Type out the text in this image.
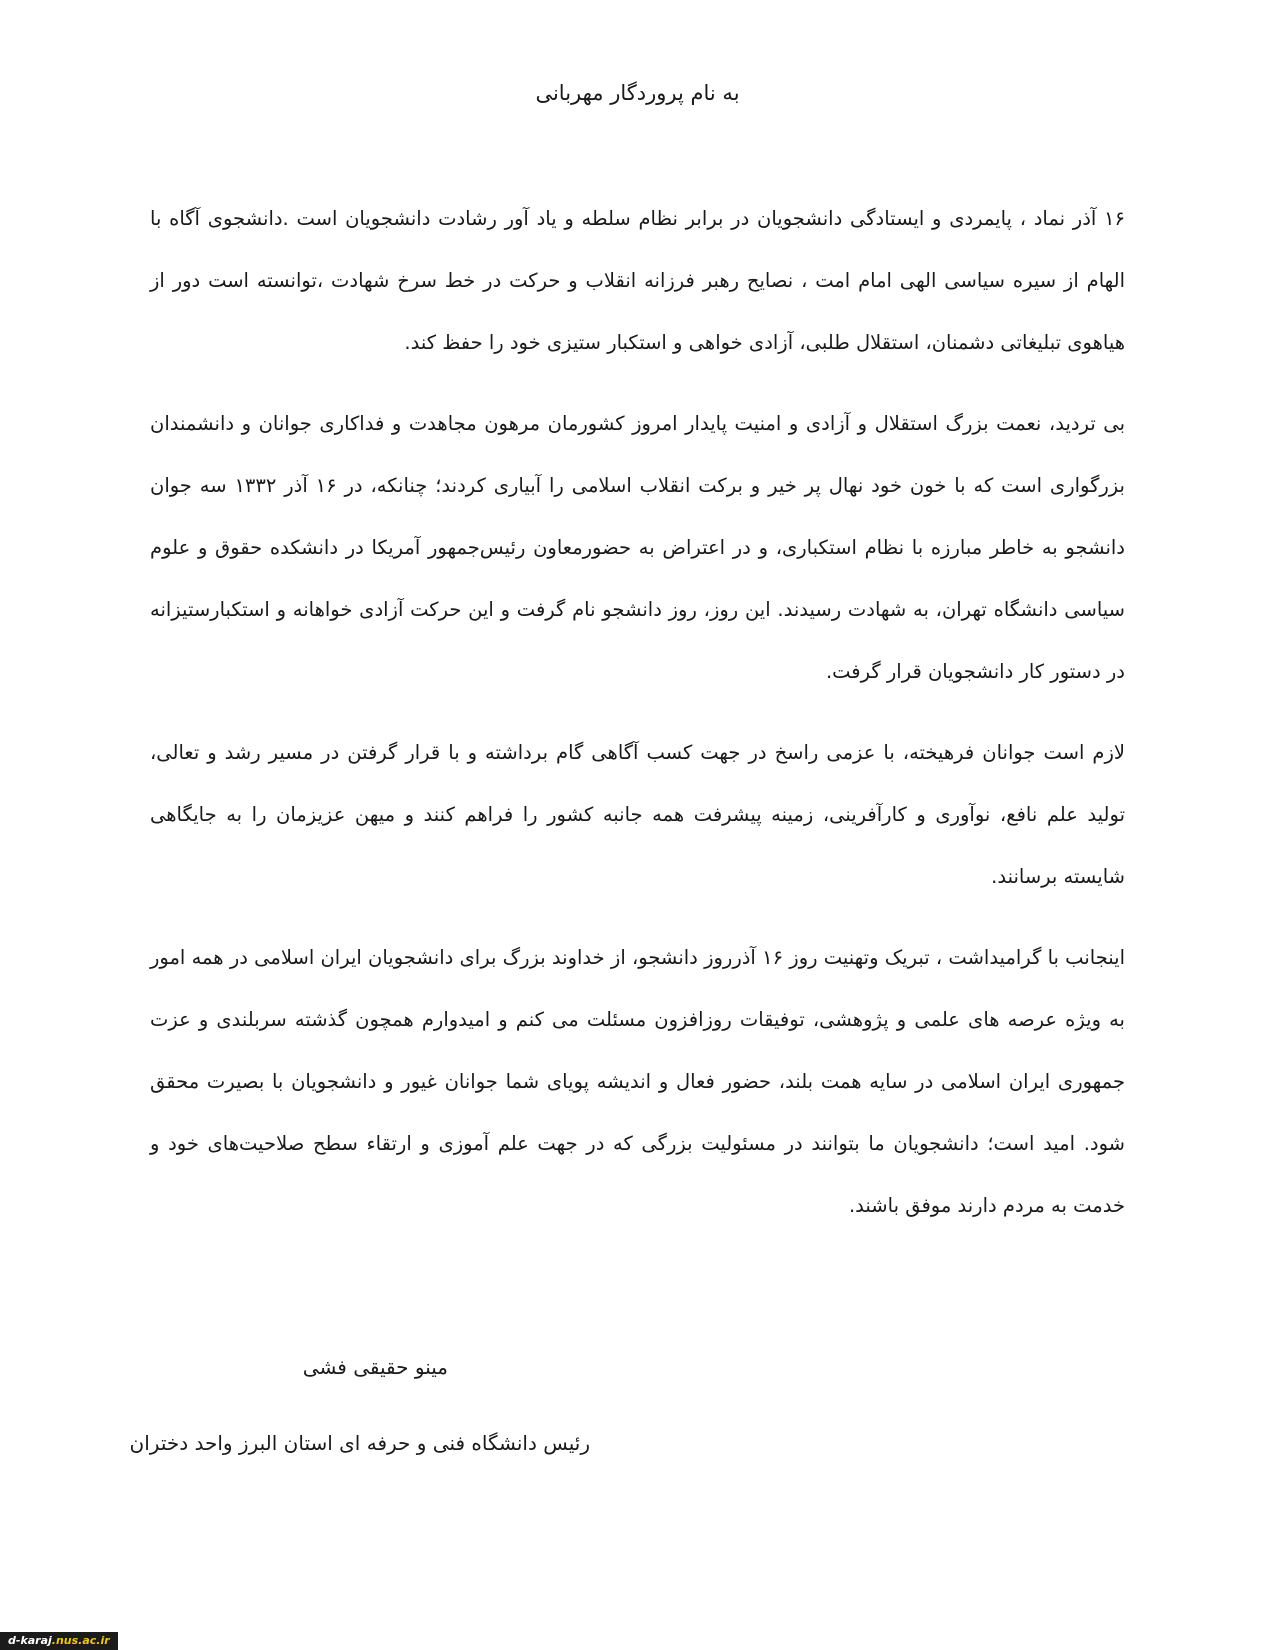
به نام پروردگار مهربانی

۱۶ آذر نماد ، پایمردی و ایستادگی دانشجویان در برابر نظام سلطه و یاد آور رشادت دانشجویان است .دانشجوی آگاه با الهام از سیره سیاسی الهی امام امت ، نصایح رهبر فرزانه انقلاب و حرکت در خط سرخ شهادت ،توانسته است دور از هیاهوی تبلیغاتی دشمنان، استقلال طلبی، آزادی خواهی و استکبار ستیزی خود را حفظ کند.

بی تردید، نعمت بزرگ استقلال و آزادی و امنیت پایدار امروز کشورمان مرهون مجاهدت و فداکاری جوانان و دانشمندان بزرگواری است که با خون خود نهال پر خیر و برکت انقلاب اسلامی را آبیاری کردند؛ چنانکه، در ۱۶ آذر ۱۳۳۲ سه جوان دانشجو به خاطر مبارزه با نظام استکباری، و در اعتراض به حضورمعاون رئیس‌جمهور آمریکا در دانشکده حقوق و علوم سیاسی دانشگاه تهران، به شهادت رسیدند. این روز، روز دانشجو نام گرفت و این حرکت آزادی خواهانه و استکبارستیزانه در دستور کار دانشجویان قرار گرفت.

لازم است جوانان فرهیخته، با عزمی راسخ در جهت کسب آگاهی گام برداشته و با قرار گرفتن در مسیر رشد و تعالی، تولید علم نافع، نوآوری و کارآفرینی، زمینه پیشرفت همه جانبه کشور را فراهم کنند و میهن عزیزمان را به جایگاهی شایسته برسانند.

اینجانب با گرامیداشت ، تبریک وتهنیت روز ۱۶ آذرروز دانشجو، از خداوند بزرگ برای دانشجویان ایران اسلامی در همه امور به ویژه عرصه های علمی و پژوهشی، توفیقات روزافزون مسئلت می کنم و امیدوارم همچون گذشته سربلندی و عزت جمهوری ایران اسلامی در سایه همت بلند، حضور فعال و اندیشه پویای شما جوانان غیور و دانشجویان با بصیرت محقق شود. امید است؛ دانشجویان ما بتوانند در مسئولیت بزرگی که در جهت علم آموزی و ارتقاء سطح صلاحیت‌های خود و خدمت به مردم دارند موفق باشند.

مینو حقیقی فشی
رئیس دانشگاه فنی و حرفه ای استان البرز واحد دختران
d-karaj.nus.ac.ir
